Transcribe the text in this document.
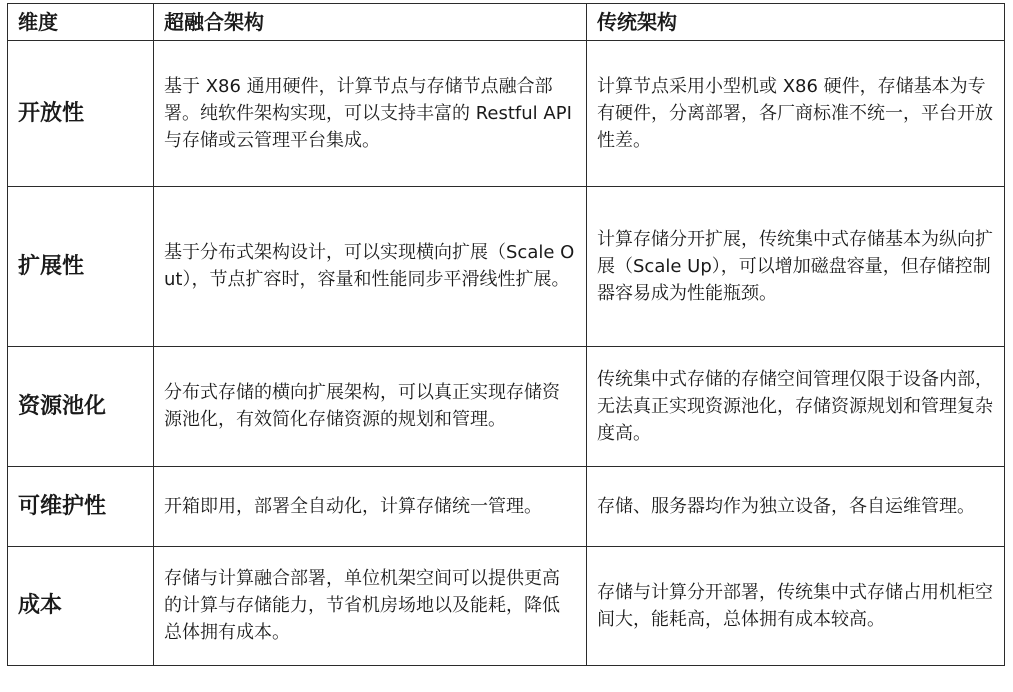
维度	超融合架构	传统架构
开放性	基于 X86 通用硬件，计算节点与存储节点融合部署。纯软件架构实现，可以支持丰富的 Restful API 与存储或云管理平台集成。	计算节点采用小型机或 X86 硬件，存储基本为专有硬件，分离部署，各厂商标准不统一，平台开放性差。
扩展性	基于分布式架构设计，可以实现横向扩展（Scale Out），节点扩容时，容量和性能同步平滑线性扩展。	计算存储分开扩展，传统集中式存储基本为纵向扩展（Scale Up），可以增加磁盘容量，但存储控制器容易成为性能瓶颈。
资源池化	分布式存储的横向扩展架构，可以真正实现存储资源池化，有效简化存储资源的规划和管理。	传统集中式存储的存储空间管理仅限于设备内部，无法真正实现资源池化，存储资源规划和管理复杂度高。
可维护性	开箱即用，部署全自动化，计算存储统一管理。	存储、服务器均作为独立设备，各自运维管理。
成本	存储与计算融合部署，单位机架空间可以提供更高的计算与存储能力，节省机房场地以及能耗，降低总体拥有成本。	存储与计算分开部署，传统集中式存储占用机柜空间大，能耗高，总体拥有成本较高。
